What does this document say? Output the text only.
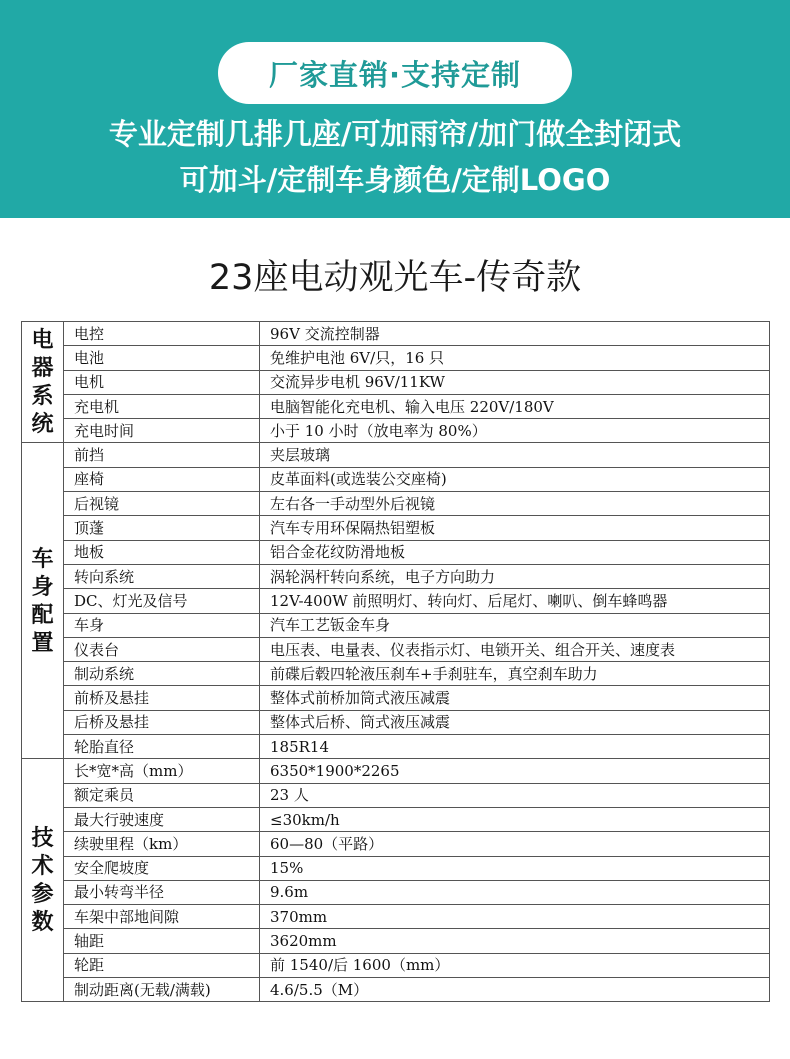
厂家直销·支持定制
专业定制几排几座/可加雨帘/加门做全封闭式
可加斗/定制车身颜色/定制LOGO
23座电动观光车-传奇款
电器系统	电控	96V 交流控制器
	电池	免维护电池 6V/只，16 只
	电机	交流异步电机 96V/11KW
	充电机	电脑智能化充电机、输入电压 220V/180V
	充电时间	小于 10 小时（放电率为 80%）
车身配置	前挡	夹层玻璃
	座椅	皮革面料(或选装公交座椅)
	后视镜	左右各一手动型外后视镜
	顶蓬	汽车专用环保隔热铝塑板
	地板	铝合金花纹防滑地板
	转向系统	涡轮涡杆转向系统，电子方向助力
	DC、灯光及信号	12V-400W 前照明灯、转向灯、后尾灯、喇叭、倒车蜂鸣器
	车身	汽车工艺钣金车身
	仪表台	电压表、电量表、仪表指示灯、电锁开关、组合开关、速度表
	制动系统	前碟后毂四轮液压刹车+手刹驻车，真空刹车助力
	前桥及悬挂	整体式前桥加筒式液压减震
	后桥及悬挂	整体式后桥、筒式液压减震
	轮胎直径	185R14
技术参数	长*宽*高（mm）	6350*1900*2265
	额定乘员	23 人
	最大行驶速度	≤30km/h
	续驶里程（km）	60—80（平路）
	安全爬坡度	15%
	最小转弯半径	9.6m
	车架中部地间隙	370mm
	轴距	3620mm
	轮距	前 1540/后 1600（mm）
	制动距离(无载/满载)	4.6/5.5（M）
